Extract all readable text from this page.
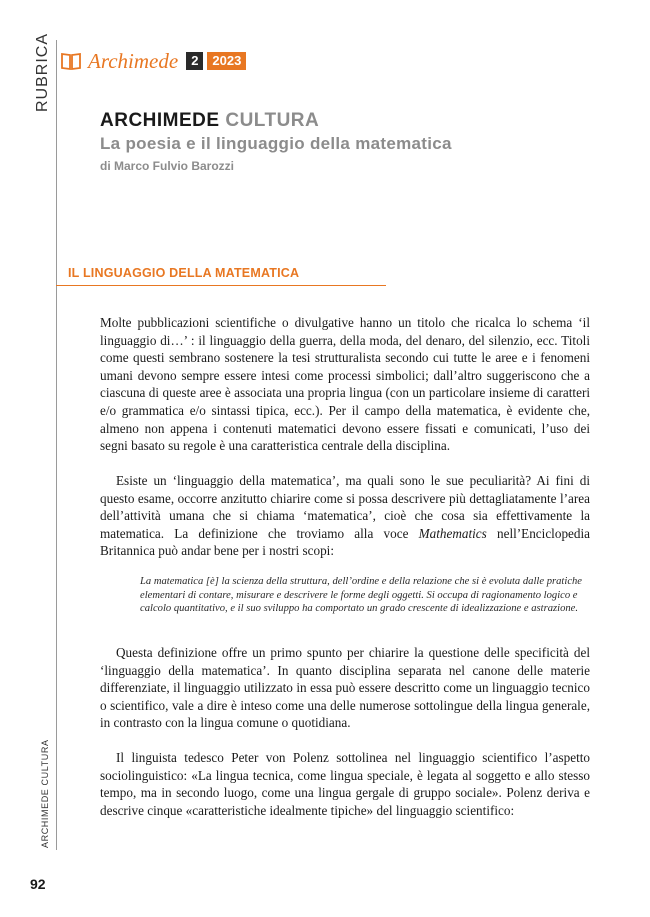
RUBRICA
ARCHIMEDE CULTURA
Archimede	2	2023
ARCHIMEDE CULTURA
La poesia e il linguaggio della matematica
di Marco Fulvio Barozzi
IL LINGUAGGIO DELLA MATEMATICA

Molte pubblicazioni scientifiche o divulgative hanno un titolo che ricalca lo schema ‘il linguaggio di…’ : il linguaggio della guerra, della moda, del denaro, del silenzio, ecc. Titoli come questi sembrano sostenere la tesi strutturalista secondo cui tutte le aree e i fenomeni umani devono sempre essere intesi come processi simbolici; dall’altro suggeriscono che a ciascuna di queste aree è associata una propria lingua (con un particolare insieme di caratteri e/o grammatica e/o sintassi tipica, ecc.). Per il campo della matematica, è evidente che, almeno non appena i contenuti matematici devono essere fissati e comunicati, l’uso dei segni basato su regole è una caratteristica centrale della disciplina.

Esiste un ‘linguaggio della matematica’, ma quali sono le sue peculiarità? Ai fini di questo esame, occorre anzitutto chiarire come si possa descrivere più dettagliatamente l’area dell’attività umana che si chiama ‘matematica’, cioè che cosa sia effettivamente la matematica. La definizione che troviamo alla voce Mathematics nell’Enciclopedia Britannica può andar bene per i nostri scopi:

La matematica [è] la scienza della struttura, dell’ordine e della relazione che si è evoluta dalle pratiche elementari di contare, misurare e descrivere le forme degli oggetti. Si occupa di ragionamento logico e calcolo quantitativo, e il suo sviluppo ha comportato un grado crescente di idealizzazione e astrazione.

Questa definizione offre un primo spunto per chiarire la questione delle specificità del ‘linguaggio della matematica’. In quanto disciplina separata nel canone delle materie differenziate, il linguaggio utilizzato in essa può essere descritto come un linguaggio tecnico o scientifico, vale a dire è inteso come una delle numerose sottolingue della lingua generale, in contrasto con la lingua comune o quotidiana.

Il linguista tedesco Peter von Polenz sottolinea nel linguaggio scientifico l’aspetto sociolinguistico: «La lingua tecnica, come lingua speciale, è legata al soggetto e allo stesso tempo, ma in secondo luogo, come una lingua gergale di gruppo sociale». Polenz deriva e descrive cinque «caratteristiche idealmente tipiche» del linguaggio scientifico:

92
